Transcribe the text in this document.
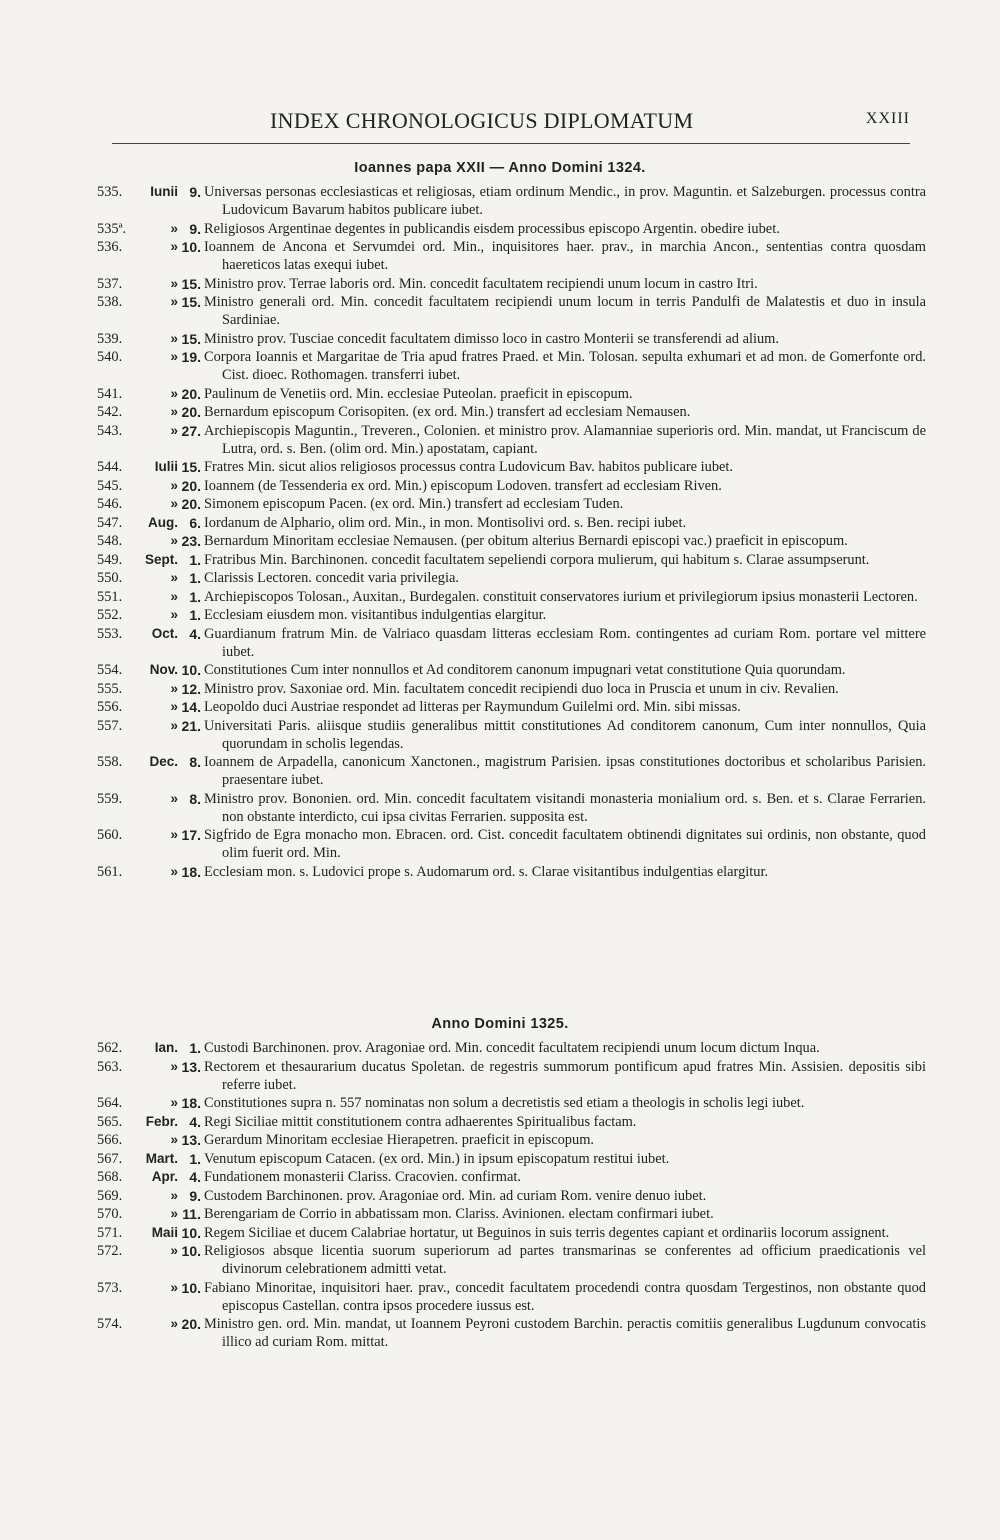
INDEX CHRONOLOGICUS DIPLOMATUM	XXIII
Ioannes papa XXII — Anno Domini 1324.
535.	Iunii 9. Universas personas ecclesiasticas et religiosas, etiam ordinum Mendic., in prov. Maguntin. et Salzeburgen. processus contra Ludovicum Bavarum habitos publicare iubet.
535ª.	» 9. Religiosos Argentinae degentes in publicandis eisdem processibus episcopo Argentin. obedire iubet.
536.	» 10. Ioannem de Ancona et Servumdei ord. Min., inquisitores haer. prav., in marchia Ancon., sententias contra quosdam haereticos latas exequi iubet.
537.	» 15. Ministro prov. Terrae laboris ord. Min. concedit facultatem recipiendi unum locum in castro Itri.
538.	» 15. Ministro generali ord. Min. concedit facultatem recipiendi unum locum in terris Pandulfi de Malatestis et duo in insula Sardiniae.
539.	» 15. Ministro prov. Tusciae concedit facultatem dimisso loco in castro Monterii se transferendi ad alium.
540.	» 19. Corpora Ioannis et Margaritae de Tria apud fratres Praed. et Min. Tolosan. sepulta exhumari et ad mon. de Gomerfonte ord. Cist. dioec. Rothomagen. transferri iubet.
541.	» 20. Paulinum de Venetiis ord. Min. ecclesiae Puteolan. praeficit in episcopum.
542.	» 20. Bernardum episcopum Corisopiten. (ex ord. Min.) transfert ad ecclesiam Nemausen.
543.	» 27. Archiepiscopis Maguntin., Treveren., Colonien. et ministro prov. Alamanniae superioris ord. Min. mandat, ut Franciscum de Lutra, ord. s. Ben. (olim ord. Min.) apostatam, capiant.
544.	Iulii 15. Fratres Min. sicut alios religiosos processus contra Ludovicum Bav. habitos publicare iubet.
545.	» 20. Ioannem (de Tessenderia ex ord. Min.) episcopum Lodoven. transfert ad ecclesiam Riven.
546.	» 20. Simonem episcopum Pacen. (ex ord. Min.) transfert ad ecclesiam Tuden.
547.	Aug. 6. Iordanum de Alphario, olim ord. Min., in mon. Montisolivi ord. s. Ben. recipi iubet.
548.	» 23. Bernardum Minoritam ecclesiae Nemausen. (per obitum alterius Bernardi episcopi vac.) praeficit in episcopum.
549.	Sept. 1. Fratribus Min. Barchinonen. concedit facultatem sepeliendi corpora mulierum, qui habitum s. Clarae assumpserunt.
550.	» 1. Clarissis Lectoren. concedit varia privilegia.
551.	» 1. Archiepiscopos Tolosan., Auxitan., Burdegalen. constituit conservatores iurium et privilegiorum ipsius monasterii Lectoren.
552.	» 1. Ecclesiam eiusdem mon. visitantibus indulgentias elargitur.
553.	Oct. 4. Guardianum fratrum Min. de Valriaco quasdam litteras ecclesiam Rom. contingentes ad curiam Rom. portare vel mittere iubet.
554.	Nov. 10. Constitutiones Cum inter nonnullos et Ad conditorem canonum impugnari vetat constitutione Quia quorundam.
555.	» 12. Ministro prov. Saxoniae ord. Min. facultatem concedit recipiendi duo loca in Pruscia et unum in civ. Revalien.
556.	» 14. Leopoldo duci Austriae respondet ad litteras per Raymundum Guilelmi ord. Min. sibi missas.
557.	» 21. Universitati Paris. aliisque studiis generalibus mittit constitutiones Ad conditorem canonum, Cum inter nonnullos, Quia quorundam in scholis legendas.
558.	Dec. 8. Ioannem de Arpadella, canonicum Xanctonen., magistrum Parisien. ipsas constitutiones doctoribus et scholaribus Parisien. praesentare iubet.
559.	» 8. Ministro prov. Bononien. ord. Min. concedit facultatem visitandi monasteria monialium ord. s. Ben. et s. Clarae Ferrarien. non obstante interdicto, cui ipsa civitas Ferrarien. supposita est.
560.	» 17. Sigfrido de Egra monacho mon. Ebracen. ord. Cist. concedit facultatem obtinendi dignitates sui ordinis, non obstante, quod olim fuerit ord. Min.
561.	» 18. Ecclesiam mon. s. Ludovici prope s. Audomarum ord. s. Clarae visitantibus indulgentias elargitur.
Anno Domini 1325.
562.	Ian. 1. Custodi Barchinonen. prov. Aragoniae ord. Min. concedit facultatem recipiendi unum locum dictum Inqua.
563.	» 13. Rectorem et thesaurarium ducatus Spoletan. de regestris summorum pontificum apud fratres Min. Assisien. depositis sibi referre iubet.
564.	» 18. Constitutiones supra n. 557 nominatas non solum a decretistis sed etiam a theologis in scholis legi iubet.
565.	Febr. 4. Regi Siciliae mittit constitutionem contra adhaerentes Spiritualibus factam.
566.	» 13. Gerardum Minoritam ecclesiae Hierapetren. praeficit in episcopum.
567.	Mart. 1. Venutum episcopum Catacen. (ex ord. Min.) in ipsum episcopatum restitui iubet.
568.	Apr. 4. Fundationem monasterii Clariss. Cracovien. confirmat.
569.	» 9. Custodem Barchinonen. prov. Aragoniae ord. Min. ad curiam Rom. venire denuo iubet.
570.	» 11. Berengariam de Corrio in abbatissam mon. Clariss. Avinionen. electam confirmari iubet.
571.	Maii 10. Regem Siciliae et ducem Calabriae hortatur, ut Beguinos in suis terris degentes capiant et ordinariis locorum assignent.
572.	» 10. Religiosos absque licentia suorum superiorum ad partes transmarinas se conferentes ad officium praedicationis vel divinorum celebrationem admitti vetat.
573.	» 10. Fabiano Minoritae, inquisitori haer. prav., concedit facultatem procedendi contra quosdam Tergestinos, non obstante quod episcopus Castellan. contra ipsos procedere iussus est.
574.	» 20. Ministro gen. ord. Min. mandat, ut Ioannem Peyroni custodem Barchin. peractis comitiis generalibus Lugdunum convocatis illico ad curiam Rom. mittat.
